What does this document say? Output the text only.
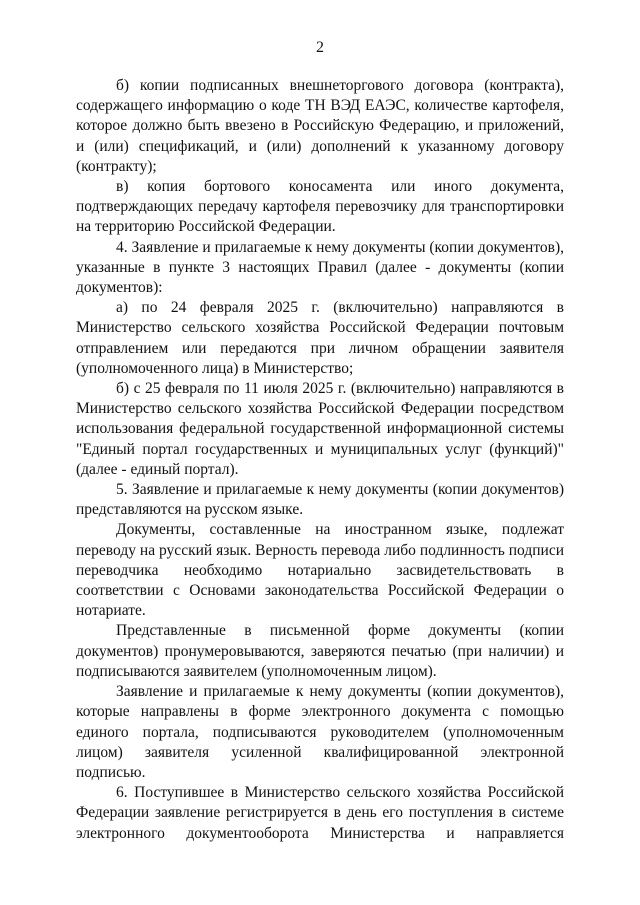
2

б) копии подписанных внешнеторгового договора (контракта), содержащего информацию о коде ТН ВЭД ЕАЭС, количестве картофеля, которое должно быть ввезено в Российскую Федерацию, и приложений, и (или) спецификаций, и (или) дополнений к указанному договору (контракту);

в) копия бортового коносамента или иного документа, подтверждающих передачу картофеля перевозчику для транспортировки на территорию Российской Федерации.

4. Заявление и прилагаемые к нему документы (копии документов), указанные в пункте 3 настоящих Правил (далее - документы (копии документов):

а) по 24 февраля 2025 г. (включительно) направляются в Министерство сельского хозяйства Российской Федерации почтовым отправлением или передаются при личном обращении заявителя (уполномоченного лица) в Министерство;

б) с 25 февраля по 11 июля 2025 г. (включительно) направляются в Министерство сельского хозяйства Российской Федерации посредством использования федеральной государственной информационной системы "Единый портал государственных и муниципальных услуг (функций)" (далее - единый портал).

5. Заявление и прилагаемые к нему документы (копии документов) представляются на русском языке.

Документы, составленные на иностранном языке, подлежат переводу на русский язык. Верность перевода либо подлинность подписи переводчика необходимо нотариально засвидетельствовать в соответствии с Основами законодательства Российской Федерации о нотариате.

Представленные в письменной форме документы (копии документов) пронумеровываются, заверяются печатью (при наличии) и подписываются заявителем (уполномоченным лицом).

Заявление и прилагаемые к нему документы (копии документов), которые направлены в форме электронного документа с помощью единого портала, подписываются руководителем (уполномоченным лицом) заявителя усиленной квалифицированной электронной подписью.

6. Поступившее в Министерство сельского хозяйства Российской Федерации заявление регистрируется в день его поступления в системе электронного документооборота Министерства и направляется
